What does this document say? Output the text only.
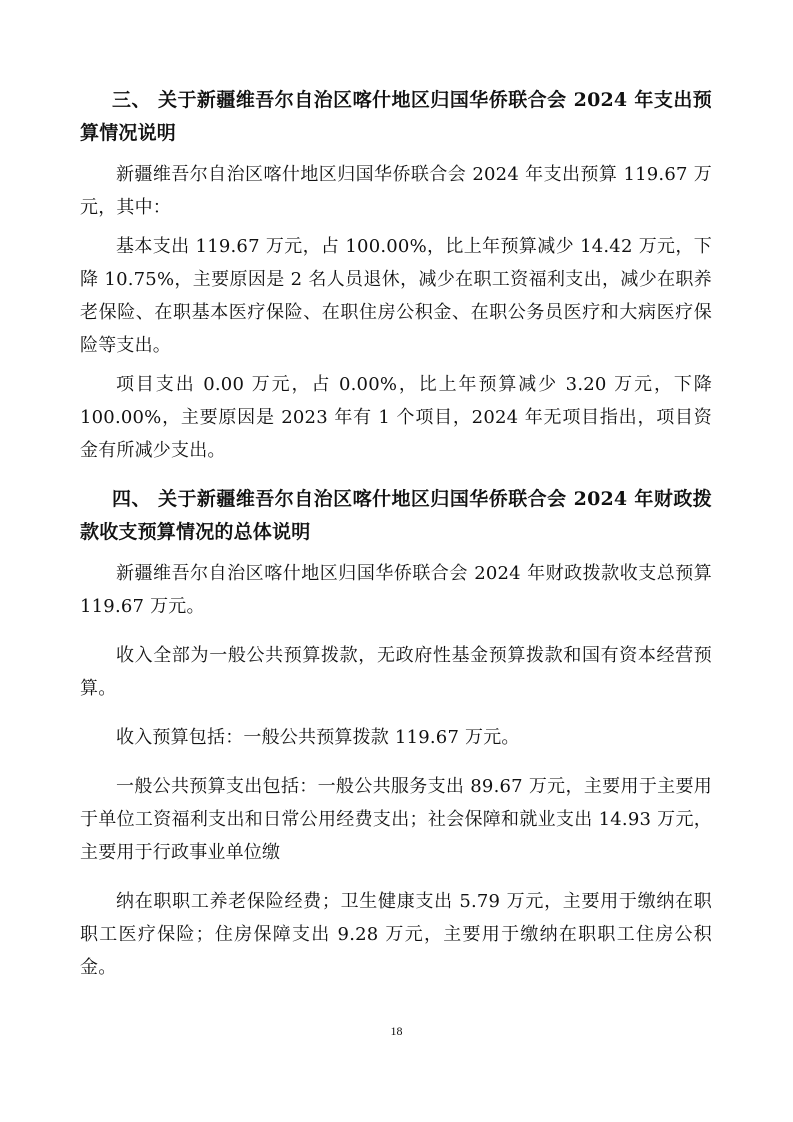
三、 关于新疆维吾尔自治区喀什地区归国华侨联合会 2024 年支出预算情况说明

新疆维吾尔自治区喀什地区归国华侨联合会 2024 年支出预算 119.67 万元，其中：

基本支出 119.67 万元，占 100.00%，比上年预算减少 14.42 万元，下降 10.75%，主要原因是 2 名人员退休，减少在职工资福利支出，减少在职养老保险、在职基本医疗保险、在职住房公积金、在职公务员医疗和大病医疗保险等支出。

项目支出 0.00 万元，占 0.00%，比上年预算减少 3.20 万元，下降 100.00%，主要原因是 2023 年有 1 个项目，2024 年无项目指出，项目资金有所减少支出。

四、 关于新疆维吾尔自治区喀什地区归国华侨联合会 2024 年财政拨款收支预算情况的总体说明

新疆维吾尔自治区喀什地区归国华侨联合会 2024 年财政拨款收支总预算 119.67 万元。

收入全部为一般公共预算拨款，无政府性基金预算拨款和国有资本经营预算。

收入预算包括：一般公共预算拨款 119.67 万元。

一般公共预算支出包括：一般公共服务支出 89.67 万元，主要用于主要用于单位工资福利支出和日常公用经费支出；社会保障和就业支出 14.93 万元，主要用于行政事业单位缴

纳在职职工养老保险经费；卫生健康支出 5.79 万元，主要用于缴纳在职职工医疗保险；住房保障支出 9.28 万元，主要用于缴纳在职职工住房公积金。

18
